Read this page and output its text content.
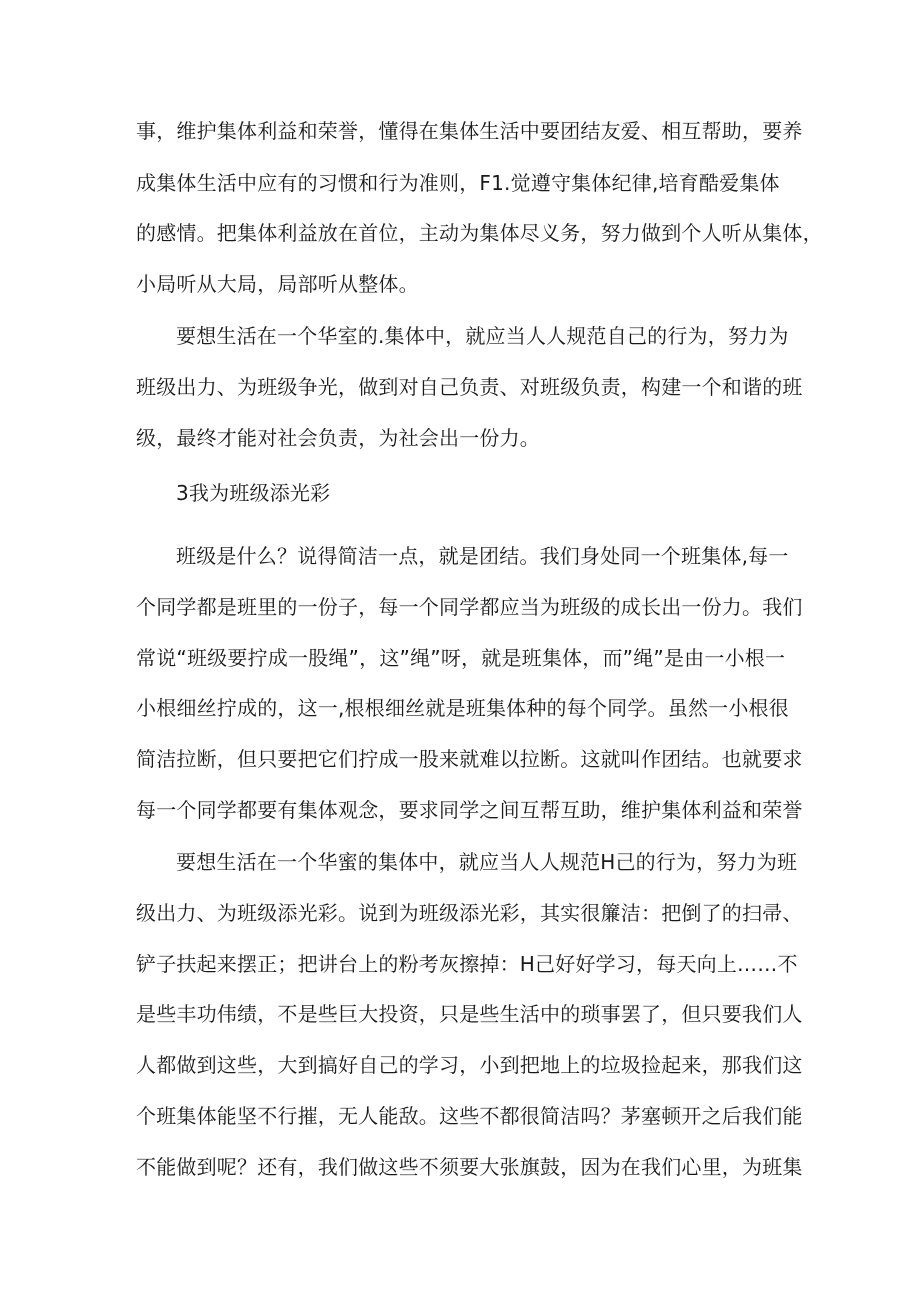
事，维护集体利益和荣誉，懂得在集体生活中要团结友爱、相互帮助，要养
成集体生活中应有的习惯和行为准则，F1.觉遵守集体纪律,培育酷爱集体
的感情。把集体利益放在首位，主动为集体尽义务，努力做到个人听从集体，
小局听从大局，局部听从整体。
要想生活在一个华室的.集体中，就应当人人规范自己的行为，努力为
班级出力、为班级争光，做到对自己负责、对班级负责，构建一个和谐的班
级，最终才能对社会负责，为社会出一份力。
3我为班级添光彩
班级是什么？说得简洁一点，就是团结。我们身处同一个班集体,每一
个同学都是班里的一份子，每一个同学都应当为班级的成长出一份力。我们
常说“班级要拧成一股绳”，这”绳”呀，就是班集体，而”绳”是由一小根一
小根细丝拧成的，这一,根根细丝就是班集体种的每个同学。虽然一小根很
简洁拉断，但只要把它们拧成一股来就难以拉断。这就叫作团结。也就要求
每一个同学都要有集体观念，要求同学之间互帮互助，维护集体利益和荣誉
要想生活在一个华蜜的集体中，就应当人人规范H己的行为，努力为班
级出力、为班级添光彩。说到为班级添光彩，其实很簾洁：把倒了的扫帚、
铲子扶起来摆正；把讲台上的粉考灰擦掉：H己好好学习，每天向上……不
是些丰功伟绩，不是些巨大投资，只是些生活中的琐事罢了，但只要我们人
人都做到这些，大到搞好自己的学习，小到把地上的垃圾捡起来，那我们这
个班集体能坚不行摧，无人能敌。这些不都很简洁吗？茅塞顿开之后我们能
不能做到呢？还有，我们做这些不须要大张旗鼓，因为在我们心里，为班集
